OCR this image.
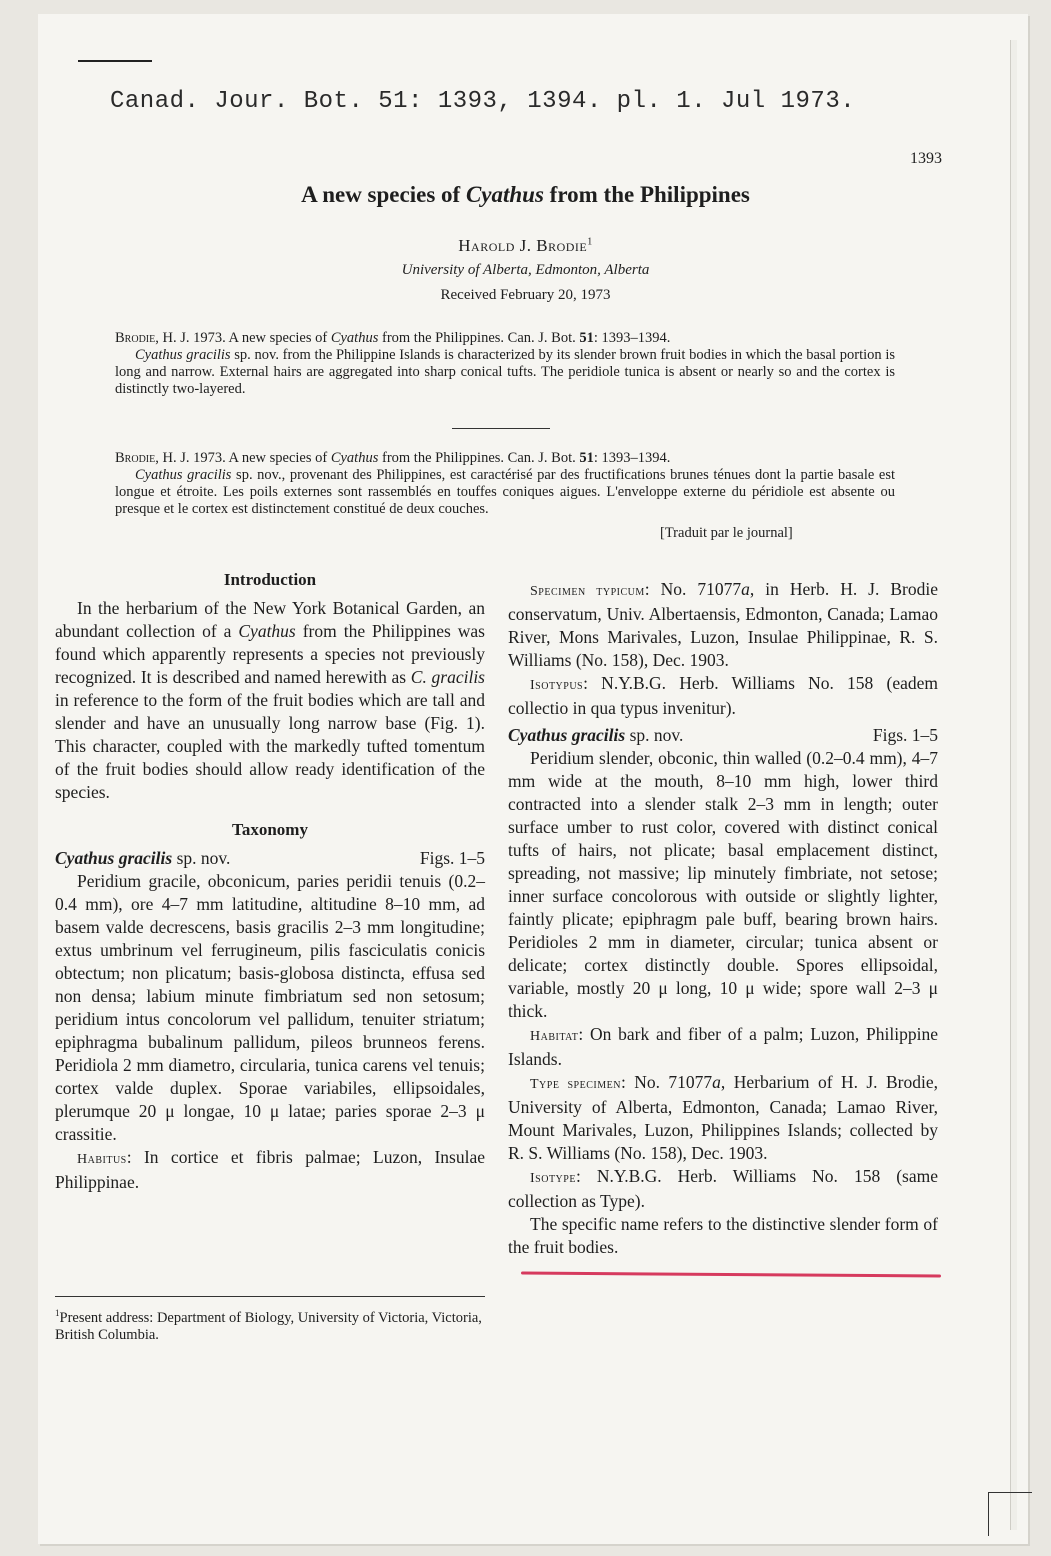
Canad. Jour. Bot. 51: 1393, 1394. pl. 1. Jul 1973.
1393
A new species of Cyathus from the Philippines
Harold J. Brodie$^1$
University of Alberta, Edmonton, Alberta
Received February 20, 1973

Brodie, H. J. 1973. A new species of Cyathus from the Philippines. Can. J. Bot. 51: 1393–1394.

Cyathus gracilis sp. nov. from the Philippine Islands is characterized by its slender brown fruit bodies in which the basal portion is long and narrow. External hairs are aggregated into sharp conical tufts. The peridiole tunica is absent or nearly so and the cortex is distinctly two-layered.

Brodie, H. J. 1973. A new species of Cyathus from the Philippines. Can. J. Bot. 51: 1393–1394.

Cyathus gracilis sp. nov., provenant des Philippines, est caractérisé par des fructifications brunes ténues dont la partie basale est longue et étroite. Les poils externes sont rassemblés en touffes coniques aigues. L'enveloppe externe du péridiole est absente ou presque et le cortex est distinctement constitué de deux couches.

[Traduit par le journal]

Introduction

In the herbarium of the New York Botanical Garden, an abundant collection of a Cyathus from the Philippines was found which apparently represents a species not previously recognized. It is described and named herewith as C. gracilis in reference to the form of the fruit bodies which are tall and slender and have an unusually long narrow base (Fig. 1). This character, coupled with the markedly tufted tomentum of the fruit bodies should allow ready identification of the species.

Taxonomy

Cyathus gracilis sp. nov.	Figs. 1–5

Peridium gracile, obconicum, paries peridii tenuis (0.2–0.4 mm), ore 4–7 mm latitudine, altitudine 8–10 mm, ad basem valde decrescens, basis gracilis 2–3 mm longitudine; extus umbrinum vel ferrugineum, pilis fasciculatis conicis obtectum; non plicatum; basis-globosa distincta, effusa sed non densa; labium minute fimbriatum sed non setosum; peridium intus concolorum vel pallidum, tenuiter striatum; epiphragma bubalinum pallidum, pileos brunneos ferens. Peridiola 2 mm diametro, circularia, tunica carens vel tenuis; cortex valde duplex. Sporae variabiles, ellipsoidales, plerumque 20 μ longae, 10 μ latae; paries sporae 2–3 μ crassitie.

Habitus: In cortice et fibris palmae; Luzon, Insulae Philippinae.

$^1$Present address: Department of Biology, University of Victoria, Victoria, British Columbia.

Specimen typicum: No. 71077a, in Herb. H. J. Brodie conservatum, Univ. Albertaensis, Edmonton, Canada; Lamao River, Mons Marivales, Luzon, Insulae Philippinae, R. S. Williams (No. 158), Dec. 1903.

Isotypus: N.Y.B.G. Herb. Williams No. 158 (eadem collectio in qua typus invenitur).

Cyathus gracilis sp. nov.	Figs. 1–5

Peridium slender, obconic, thin walled (0.2–0.4 mm), 4–7 mm wide at the mouth, 8–10 mm high, lower third contracted into a slender stalk 2–3 mm in length; outer surface umber to rust color, covered with distinct conical tufts of hairs, not plicate; basal emplacement distinct, spreading, not massive; lip minutely fimbriate, not setose; inner surface concolorous with outside or slightly lighter, faintly plicate; epiphragm pale buff, bearing brown hairs. Peridioles 2 mm in diameter, circular; tunica absent or delicate; cortex distinctly double. Spores ellipsoidal, variable, mostly 20 μ long, 10 μ wide; spore wall 2–3 μ thick.

Habitat: On bark and fiber of a palm; Luzon, Philippine Islands.

Type specimen: No. 71077a, Herbarium of H. J. Brodie, University of Alberta, Edmonton, Canada; Lamao River, Mount Marivales, Luzon, Philippines Islands; collected by R. S. Williams (No. 158), Dec. 1903.

Isotype: N.Y.B.G. Herb. Williams No. 158 (same collection as Type).

The specific name refers to the distinctive slender form of the fruit bodies.
